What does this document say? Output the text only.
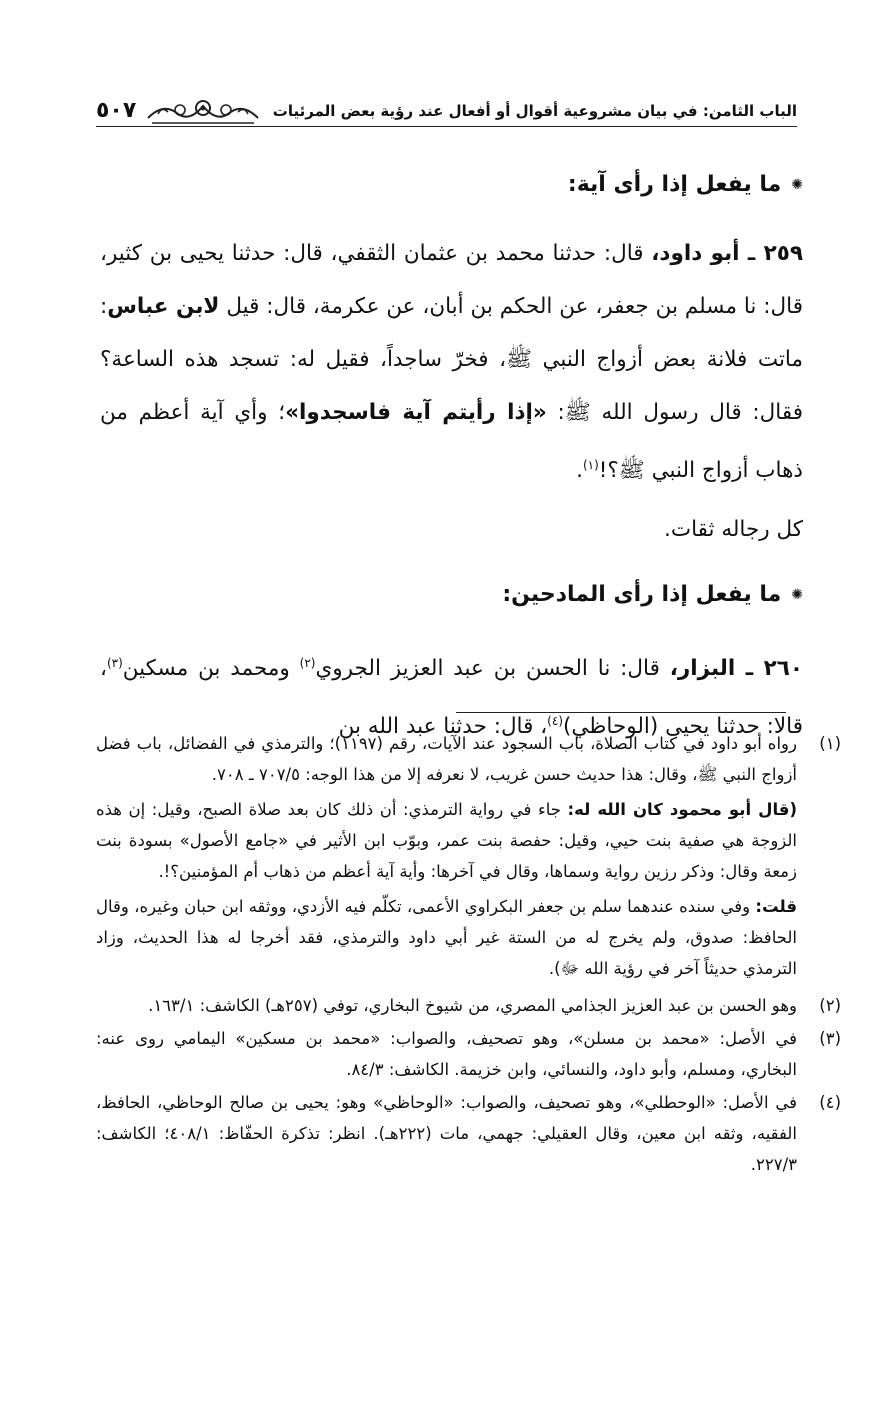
الباب الثامن: في بيان مشروعية أقوال أو أفعال عند رؤية بعض المرئيات
٥٠٧
✺
ما يفعل إذا رأى آية:

٢٥٩ ـ أبو داود، قال: حدثنا محمد بن عثمان الثقفي، قال: حدثنا يحيى بن كثير، قال: نا مسلم بن جعفر، عن الحكم بن أبان، عن عكرمة، قال: قيل لابن عباس: ماتت فلانة بعض أزواج النبي ﷺ، فخرّ ساجداً، فقيل له: تسجد هذه الساعة؟ فقال: قال رسول الله ﷺ: «إذا رأيتم آية فاسجدوا»؛ وأي آية أعظم من ذهاب أزواج النبي ﷺ؟!$^{(١)}$.

كل رجاله ثقات.
✺
ما يفعل إذا رأى المادحين:

٢٦٠ ـ البزار، قال: نا الحسن بن عبد العزيز الجروي$^{(٢)}$ ومحمد بن مسكين$^{(٣)}$، قالا: حدثنا يحيى (الوحاظي)$^{(٤)}$، قال: حدثنا عبد الله بن

(١)

رواه أبو داود في كتاب الصلاة، باب السجود عند الآيات، رقم (١١٩٧)؛ والترمذي في الفضائل، باب فضل أزواج النبي ﷺ، وقال: هذا حديث حسن غريب، لا نعرفه إلا من هذا الوجه: ٧٠٧/٥ ـ ٧٠٨.

(قال أبو محمود كان الله له: جاء في رواية الترمذي: أن ذلك كان بعد صلاة الصبح، وقيل: إن هذه الزوجة هي صفية بنت حيي، وقيل: حفصة بنت عمر، وبوّب ابن الأثير في «جامع الأصول» بسودة بنت زمعة وقال: وذكر رزين رواية وسماها، وقال في آخرها: وأية آية أعظم من ذهاب أم المؤمنين؟!.

قلت: وفي سنده عندهما سلم بن جعفر البكراوي الأعمى، تكلّم فيه الأزدي، ووثقه ابن حبان وغيره، وقال الحافظ: صدوق، ولم يخرج له من الستة غير أبي داود والترمذي، فقد أخرجا له هذا الحديث، وزاد الترمذي حديثاً آخر في رؤية الله ﷻ).

(٢)
وهو الحسن بن عبد العزيز الجذامي المصري، من شيوخ البخاري، توفي (٢٥٧هـ) الكاشف: ١٦٣/١.
(٣)
في الأصل: «محمد بن مسلن»، وهو تصحيف، والصواب: «محمد بن مسكين» اليمامي روى عنه: البخاري، ومسلم، وأبو داود، والنسائي، وابن خزيمة. الكاشف: ٨٤/٣.
(٤)
في الأصل: «الوحطلي»، وهو تصحيف، والصواب: «الوحاظي» وهو: يحيى بن صالح الوحاظي، الحافظ، الفقيه، وثقه ابن معين، وقال العقيلي: جهمي، مات (٢٢٢هـ). انظر: تذكرة الحفّاظ: ٤٠٨/١؛ الكاشف: ٢٢٧/٣.
